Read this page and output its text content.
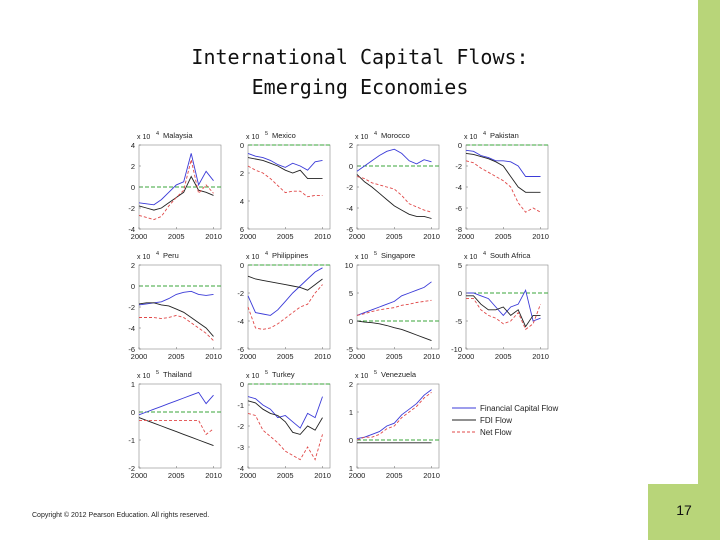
International Capital Flows:
Emerging Economies
4
2
0
-2
-4
2000	2005	2010
x 10 4 Malaysia
0
2
4
6
2000	2005	2010
x 10 5 Mexico
2
0
-2
-4
-6
2000	2005	2010
x 10 4 Morocco
0
-2
-4
-6
-8
2000	2005	2010
x 10 4 Pakistan
2
0
-2
-4
-6
2000	2005	2010
x 10 4 Peru
0
-2
-4
-6
2000	2005	2010
x 10 4 Philippines
10
5
0
-5
2000	2005	2010
x 10 5 Singapore
5
0
-5
-10
2000	2005	2010
x 10 4 South Africa
1
0
-1
-2
2000	2005	2010
x 10 5 Thailand
0
-1
-2
-3
-4
2000	2005	2010
x 10 5 Turkey
2
1
0
1
2000	2005	2010
x 10 5 Venezuela
Financial Capital Flow
FDI Flow
Net Flow
Copyright © 2012 Pearson Education. All rights reserved.	17
